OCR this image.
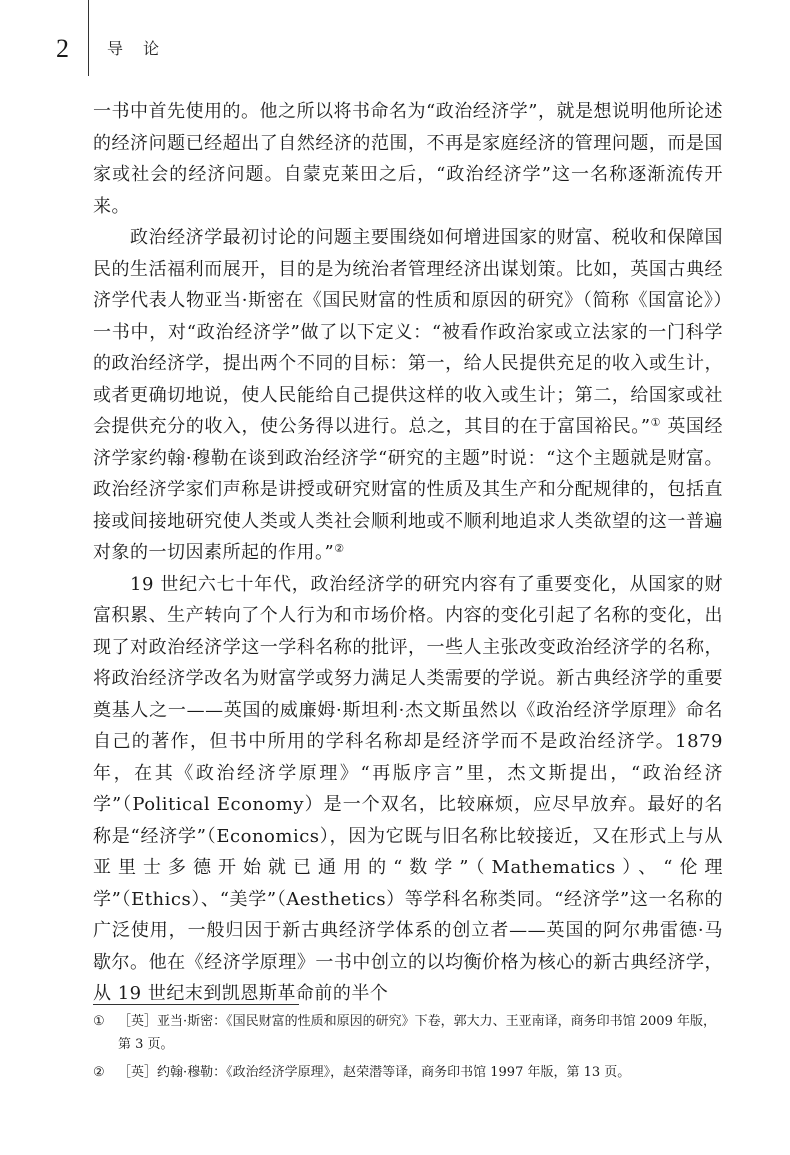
2 导论

一书中首先使用的。他之所以将书命名为“政治经济学”，就是想说明他所论述的经济问题已经超出了自然经济的范围，不再是家庭经济的管理问题，而是国家或社会的经济问题。自蒙克莱田之后，“政治经济学”这一名称逐渐流传开来。

政治经济学最初讨论的问题主要围绕如何增进国家的财富、税收和保障国民的生活福利而展开，目的是为统治者管理经济出谋划策。比如，英国古典经济学代表人物亚当·斯密在《国民财富的性质和原因的研究》（简称《国富论》）一书中，对“政治经济学”做了以下定义：“被看作政治家或立法家的一门科学的政治经济学，提出两个不同的目标：第一，给人民提供充足的收入或生计，或者更确切地说，使人民能给自己提供这样的收入或生计；第二，给国家或社会提供充分的收入，使公务得以进行。总之，其目的在于富国裕民。”① 英国经济学家约翰·穆勒在谈到政治经济学“研究的主题”时说：“这个主题就是财富。政治经济学家们声称是讲授或研究财富的性质及其生产和分配规律的，包括直接或间接地研究使人类或人类社会顺利地或不顺利地追求人类欲望的这一普遍对象的一切因素所起的作用。”②

19 世纪六七十年代，政治经济学的研究内容有了重要变化，从国家的财富积累、生产转向了个人行为和市场价格。内容的变化引起了名称的变化，出现了对政治经济学这一学科名称的批评，一些人主张改变政治经济学的名称，将政治经济学改名为财富学或努力满足人类需要的学说。新古典经济学的重要奠基人之一——英国的威廉姆·斯坦利·杰文斯虽然以《政治经济学原理》命名自己的著作，但书中所用的学科名称却是经济学而不是政治经济学。1879 年，在其《政治经济学原理》“再版序言”里，杰文斯提出，“政治经济学”（Political Economy）是一个双名，比较麻烦，应尽早放弃。最好的名称是“经济学”（Economics），因为它既与旧名称比较接近，又在形式上与从亚里士多德开始就已通用的“数学”（Mathematics）、“伦理学”（Ethics）、“美学”（Aesthetics）等学科名称类同。“经济学”这一名称的广泛使用，一般归因于新古典经济学体系的创立者——英国的阿尔弗雷德·马歇尔。他在《经济学原理》一书中创立的以均衡价格为核心的新古典经济学，从 19 世纪末到凯恩斯革命前的半个

① ［英］亚当·斯密：《国民财富的性质和原因的研究》下卷，郭大力、王亚南译，商务印书馆 2009 年版，第 3 页。
② ［英］约翰·穆勒：《政治经济学原理》，赵荣潜等译，商务印书馆 1997 年版，第 13 页。
